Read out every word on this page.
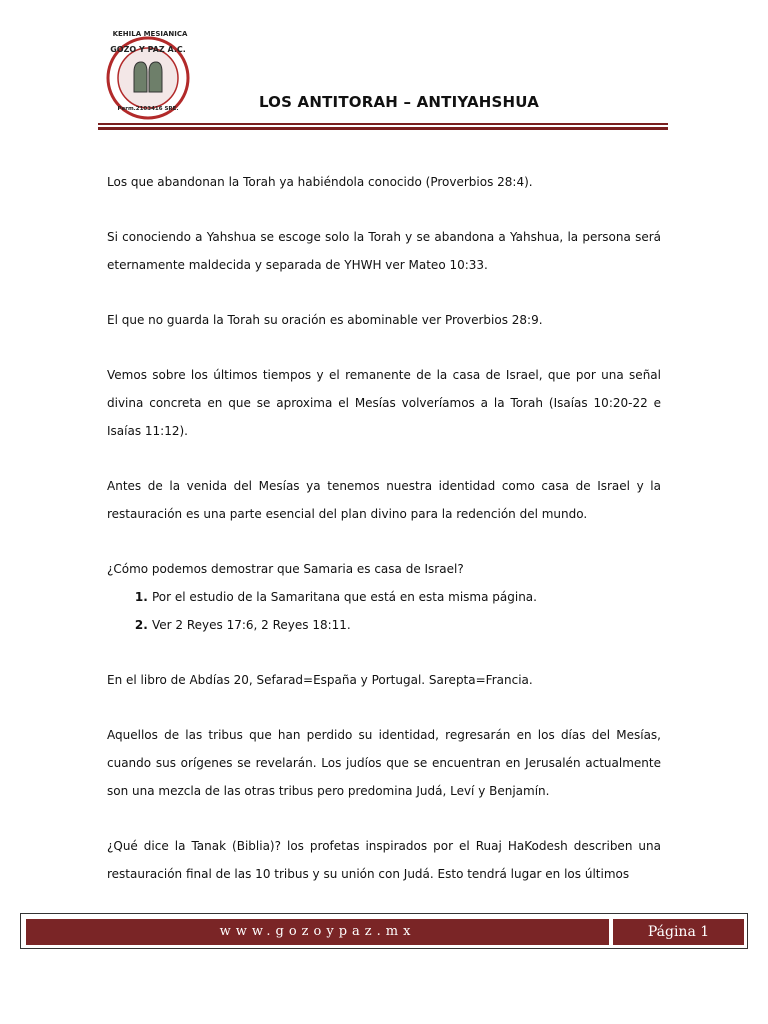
KEHILA MESIANICA
GOZO Y PAZ A.C.
Perm.2103416 SRE.	LOS ANTITORAH – ANTIYAHSHUA

Los que abandonan la Torah ya habiéndola conocido (Proverbios 28:4).

Si conociendo a Yahshua se escoge solo la Torah y se abandona a Yahshua, la persona será eternamente maldecida y separada de YHWH ver Mateo 10:33.

El que no guarda la Torah su oración es abominable ver Proverbios 28:9.

Vemos sobre los últimos tiempos y el remanente de la casa de Israel, que por una señal divina concreta en que se aproxima el Mesías volveríamos a la Torah (Isaías 10:20-22 e Isaías 11:12).

Antes de la venida del Mesías ya tenemos nuestra identidad como casa de Israel y la restauración es una parte esencial del plan divino para la redención del mundo.

¿Cómo podemos demostrar que Samaria es casa de Israel?

1. Por el estudio de la Samaritana que está en esta misma página.
2. Ver 2 Reyes 17:6, 2 Reyes 18:11.

En el libro de Abdías 20, Sefarad=España y Portugal. Sarepta=Francia.

Aquellos de las tribus que han perdido su identidad, regresarán en los días del Mesías, cuando sus orígenes se revelarán. Los judíos que se encuentran en Jerusalén actualmente son una mezcla de las otras tribus pero predomina Judá, Leví y Benjamín.

¿Qué dice la Tanak (Biblia)? los profetas inspirados por el Ruaj HaKodesh describen una restauración final de las 10 tribus y su unión con Judá. Esto tendrá lugar en los últimos

www.gozoypaz.mx	Página 1
